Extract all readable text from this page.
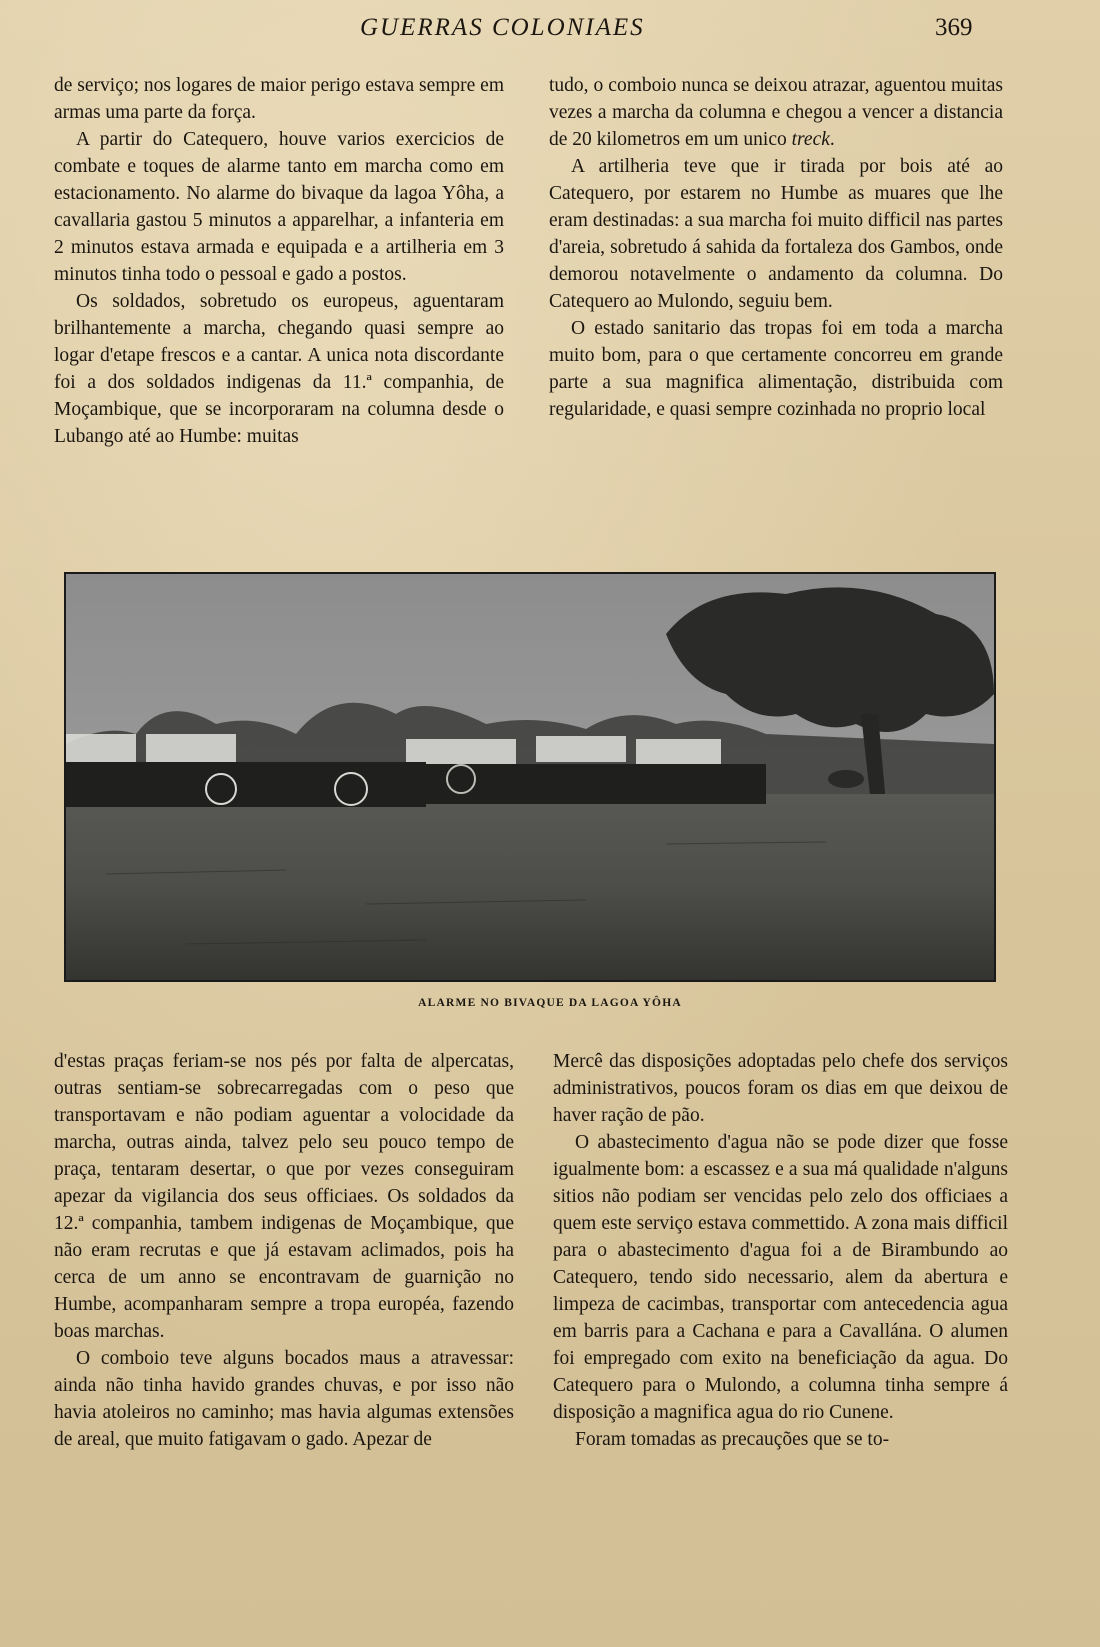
GUERRAS COLONIAES	369

de serviço; nos logares de maior perigo estava sempre em armas uma parte da força.

A partir do Catequero, houve varios exercicios de combate e toques de alarme tanto em marcha como em estacionamento. No alarme do bivaque da lagoa Yôha, a cavallaria gastou 5 minutos a apparelhar, a infanteria em 2 minutos estava armada e equipada e a artilheria em 3 minutos tinha todo o pessoal e gado a postos.

Os soldados, sobretudo os europeus, aguentaram brilhantemente a marcha, chegando quasi sempre ao logar d'etape frescos e a cantar. A unica nota discordante foi a dos soldados indigenas da 11.ª companhia, de Moçambique, que se incorporaram na columna desde o Lubango até ao Humbe: muitas

tudo, o comboio nunca se deixou atrazar, aguentou muitas vezes a marcha da columna e chegou a vencer a distancia de 20 kilometros em um unico treck.

A artilheria teve que ir tirada por bois até ao Catequero, por estarem no Humbe as muares que lhe eram destinadas: a sua marcha foi muito difficil nas partes d'areia, sobretudo á sahida da fortaleza dos Gambos, onde demorou notavelmente o andamento da columna. Do Catequero ao Mulondo, seguiu bem.

O estado sanitario das tropas foi em toda a marcha muito bom, para o que certamente concorreu em grande parte a sua magnifica alimentação, distribuida com regularidade, e quasi sempre cozinhada no proprio local

ALARME NO BIVAQUE DA LAGOA YÔHA

d'estas praças feriam-se nos pés por falta de alpercatas, outras sentiam-se sobrecarregadas com o peso que transportavam e não podiam aguentar a volocidade da marcha, outras ainda, talvez pelo seu pouco tempo de praça, tentaram desertar, o que por vezes conseguiram apezar da vigilancia dos seus officiaes. Os soldados da 12.ª companhia, tambem indigenas de Moçambique, que não eram recrutas e que já estavam aclimados, pois ha cerca de um anno se encontravam de guarnição no Humbe, acompanharam sempre a tropa européa, fazendo boas marchas.

O comboio teve alguns bocados maus a atravessar: ainda não tinha havido grandes chuvas, e por isso não havia atoleiros no caminho; mas havia algumas extensões de areal, que muito fatigavam o gado. Apezar de

Mercê das disposições adoptadas pelo chefe dos serviços administrativos, poucos foram os dias em que deixou de haver ração de pão.

O abastecimento d'agua não se pode dizer que fosse igualmente bom: a escassez e a sua má qualidade n'alguns sitios não podiam ser vencidas pelo zelo dos officiaes a quem este serviço estava commettido. A zona mais difficil para o abastecimento d'agua foi a de Birambundo ao Catequero, tendo sido necessario, alem da abertura e limpeza de cacimbas, transportar com antecedencia agua em barris para a Cachana e para a Cavallána. O alumen foi empregado com exito na beneficiação da agua. Do Catequero para o Mulondo, a columna tinha sempre á disposição a magnifica agua do rio Cunene.

Foram tomadas as precauções que se to-
